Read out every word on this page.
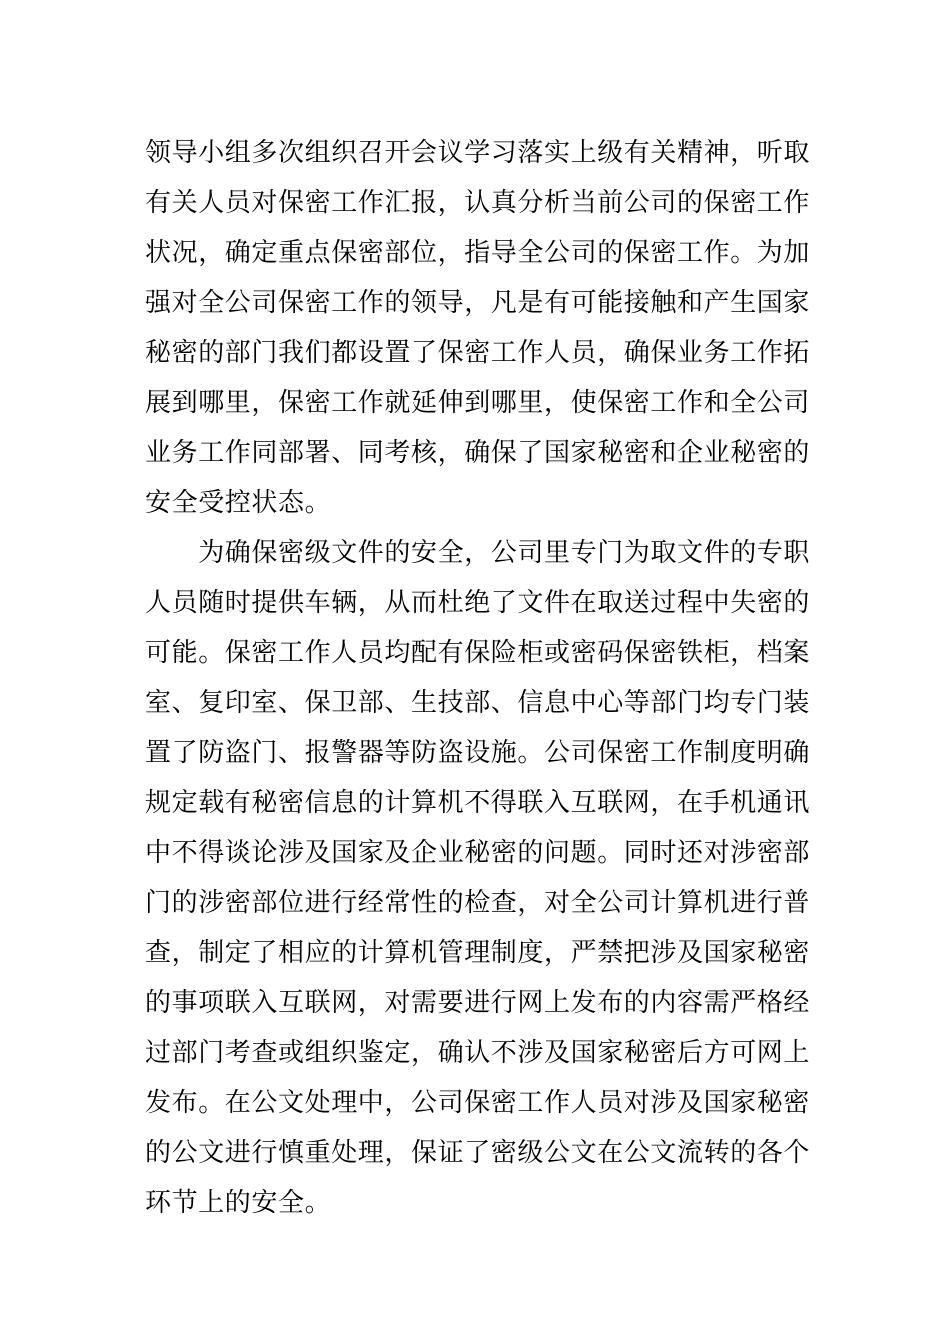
领导小组多次组织召开会议学习落实上级有关精神，听取
有关人员对保密工作汇报，认真分析当前公司的保密工作
状况，确定重点保密部位，指导全公司的保密工作。为加
强对全公司保密工作的领导，凡是有可能接触和产生国家
秘密的部门我们都设置了保密工作人员，确保业务工作拓
展到哪里，保密工作就延伸到哪里，使保密工作和全公司
业务工作同部署、同考核，确保了国家秘密和企业秘密的
安全受控状态。

　　为确保密级文件的安全，公司里专门为取文件的专职
人员随时提供车辆，从而杜绝了文件在取送过程中失密的
可能。保密工作人员均配有保险柜或密码保密铁柜，档案
室、复印室、保卫部、生技部、信息中心等部门均专门装
置了防盗门、报警器等防盗设施。公司保密工作制度明确
规定载有秘密信息的计算机不得联入互联网，在手机通讯
中不得谈论涉及国家及企业秘密的问题。同时还对涉密部
门的涉密部位进行经常性的检查，对全公司计算机进行普
查，制定了相应的计算机管理制度，严禁把涉及国家秘密
的事项联入互联网，对需要进行网上发布的内容需严格经
过部门考查或组织鉴定，确认不涉及国家秘密后方可网上
发布。在公文处理中，公司保密工作人员对涉及国家秘密
的公文进行慎重处理，保证了密级公文在公文流转的各个
环节上的安全。
